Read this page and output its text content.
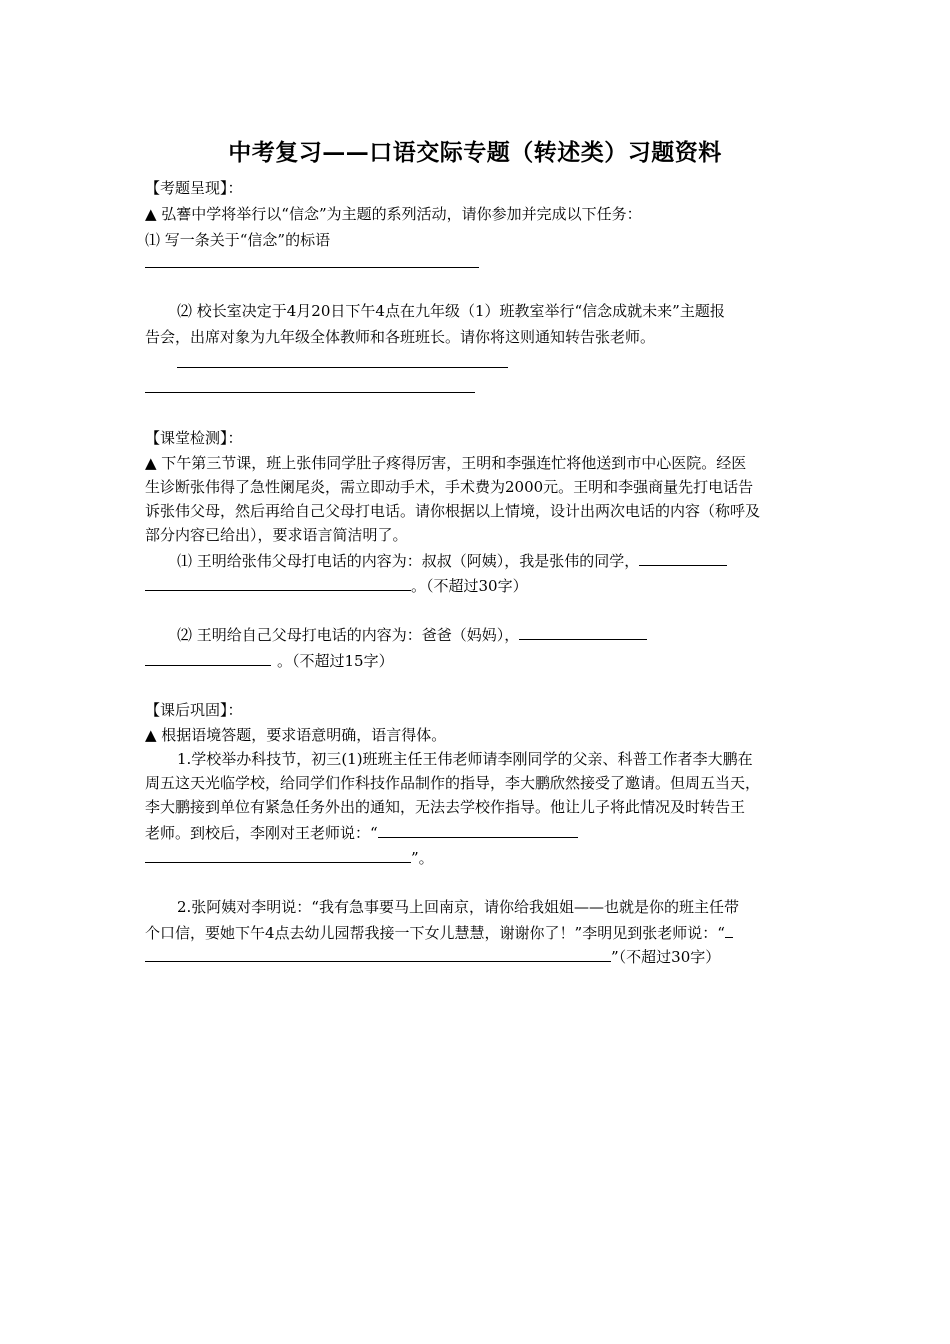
中考复习——口语交际专题（转述类）习题资料
【考题呈现】：
▲ 弘謇中学将举行以“信念”为主题的系列活动，请你参加并完成以下任务：
⑴ 写一条关于“信念”的标语
⑵ 校长室决定于4月20日下午4点在九年级（1）班教室举行“信念成就未来”主题报
告会，出席对象为九年级全体教师和各班班长。请你将这则通知转告张老师。
【课堂检测】：
▲ 下午第三节课，班上张伟同学肚子疼得厉害，王明和李强连忙将他送到市中心医院。经医
生诊断张伟得了急性阑尾炎，需立即动手术，手术费为2000元。王明和李强商量先打电话告
诉张伟父母，然后再给自己父母打电话。请你根据以上情境，设计出两次电话的内容（称呼及
部分内容已给出），要求语言简洁明了。
⑴ 王明给张伟父母打电话的内容为：叔叔（阿姨），我是张伟的同学，
。（不超过30字）
⑵ 王明给自己父母打电话的内容为：爸爸（妈妈），
。（不超过15字）
【课后巩固】：
▲ 根据语境答题，要求语意明确，语言得体。
1.学校举办科技节，初三(1)班班主任王伟老师请李刚同学的父亲、科普工作者李大鹏在
周五这天光临学校，给同学们作科技作品制作的指导，李大鹏欣然接受了邀请。但周五当天，
李大鹏接到单位有紧急任务外出的通知，无法去学校作指导。他让儿子将此情况及时转告王
老师。到校后，李刚对王老师说：“
”。
2.张阿姨对李明说：“我有急事要马上回南京，请你给我姐姐——也就是你的班主任带
个口信，要她下午4点去幼儿园帮我接一下女儿慧慧，谢谢你了！”李明见到张老师说：“
”（不超过30字）
